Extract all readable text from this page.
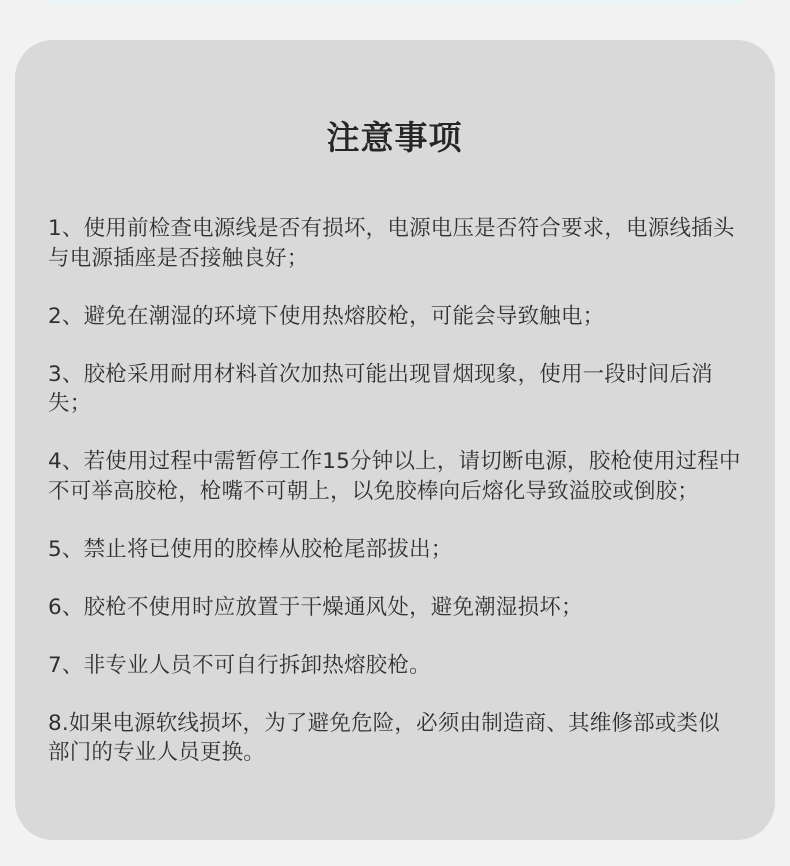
注意事项
1、使用前检查电源线是否有损坏，电源电压是否符合要求，电源线插头与电源插座是否接触良好；
2、避免在潮湿的环境下使用热熔胶枪，可能会导致触电；
3、胶枪采用耐用材料首次加热可能出现冒烟现象，使用一段时间后消失；
4、若使用过程中需暂停工作15分钟以上，请切断电源，胶枪使用过程中不可举高胶枪，枪嘴不可朝上，以免胶棒向后熔化导致溢胶或倒胶；
5、禁止将已使用的胶棒从胶枪尾部拔出；
6、胶枪不使用时应放置于干燥通风处，避免潮湿损坏；
7、非专业人员不可自行拆卸热熔胶枪。
8.如果电源软线损坏，为了避免危险，必须由制造商、其维修部或类似部门的专业人员更换。
